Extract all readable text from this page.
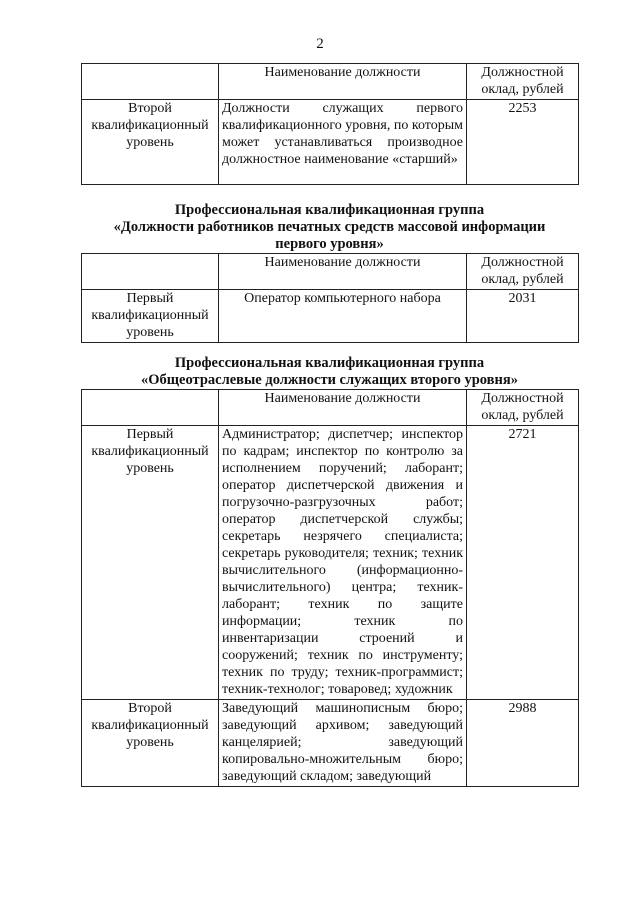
2
	Наименование должности	Должностной оклад, рублей
Второй квалификационный уровень	Должности служащих первого квалификационного уровня, по которым может устанавливаться производное должностное наименование «старший»	2253
Профессиональная квалификационная группа
«Должности работников печатных средств массовой информации
первого уровня»
	Наименование должности	Должностной оклад, рублей
Первый квалификационный уровень	Оператор компьютерного набора	2031
Профессиональная квалификационная группа
«Общеотраслевые должности служащих второго уровня»
	Наименование должности	Должностной оклад, рублей
Первый квалификационный уровень	Администратор; диспетчер; инспектор по кадрам; инспектор по контролю за исполнением поручений; лаборант; оператор диспетчерской движения и погрузочно-разгрузочных работ; оператор диспетчерской службы; секретарь незрячего специалиста; секретарь руководителя; техник; техник вычислительного (информационно- вычислительного) центра; техник-лаборант; техник по защите информации; техник по инвентаризации строений и сооружений; техник по инструменту; техник по труду; техник-программист; техник-технолог; товаровед; художник	2721
Второй квалификационный уровень	Заведующий машинописным бюро; заведующий архивом; заведующий канцелярией; заведующий копировально-множительным бюро; заведующий складом; заведующий	2988
